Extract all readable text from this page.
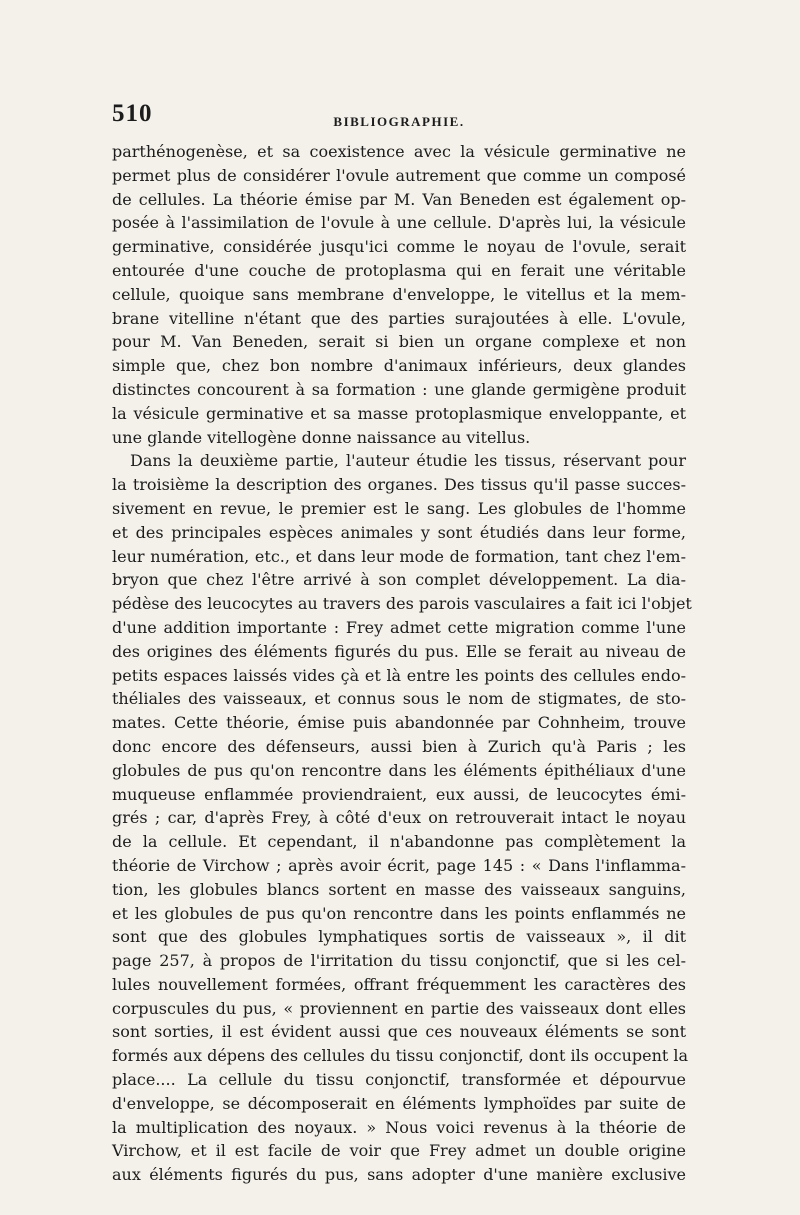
510	BIBLIOGRAPHIE.
parthénogenèse, et sa coexistence avec la vésicule germinative ne
permet plus de considérer l'ovule autrement que comme un composé
de cellules. La théorie émise par M. Van Beneden est également op-
posée à l'assimilation de l'ovule à une cellule. D'après lui, la vésicule
germinative, considérée jusqu'ici comme le noyau de l'ovule, serait
entourée d'une couche de protoplasma qui en ferait une véritable
cellule, quoique sans membrane d'enveloppe, le vitellus et la mem-
brane vitelline n'étant que des parties surajoutées à elle. L'ovule,
pour M. Van Beneden, serait si bien un organe complexe et non
simple que, chez bon nombre d'animaux inférieurs, deux glandes
distinctes concourent à sa formation : une glande germigène produit
la vésicule germinative et sa masse protoplasmique enveloppante, et
une glande vitellogène donne naissance au vitellus.
Dans la deuxième partie, l'auteur étudie les tissus, réservant pour
la troisième la description des organes. Des tissus qu'il passe succes-
sivement en revue, le premier est le sang. Les globules de l'homme
et des principales espèces animales y sont étudiés dans leur forme,
leur numération, etc., et dans leur mode de formation, tant chez l'em-
bryon que chez l'être arrivé à son complet développement. La dia-
pédèse des leucocytes au travers des parois vasculaires a fait ici l'objet
d'une addition importante : Frey admet cette migration comme l'une
des origines des éléments figurés du pus. Elle se ferait au niveau de
petits espaces laissés vides çà et là entre les points des cellules endo-
théliales des vaisseaux, et connus sous le nom de stigmates, de sto-
mates. Cette théorie, émise puis abandonnée par Cohnheim, trouve
donc encore des défenseurs, aussi bien à Zurich qu'à Paris ; les
globules de pus qu'on rencontre dans les éléments épithéliaux d'une
muqueuse enflammée proviendraient, eux aussi, de leucocytes émi-
grés ; car, d'après Frey, à côté d'eux on retrouverait intact le noyau
de la cellule. Et cependant, il n'abandonne pas complètement la
théorie de Virchow ; après avoir écrit, page 145 : « Dans l'inflamma-
tion, les globules blancs sortent en masse des vaisseaux sanguins,
et les globules de pus qu'on rencontre dans les points enflammés ne
sont que des globules lymphatiques sortis de vaisseaux », il dit
page 257, à propos de l'irritation du tissu conjonctif, que si les cel-
lules nouvellement formées, offrant fréquemment les caractères des
corpuscules du pus, « proviennent en partie des vaisseaux dont elles
sont sorties, il est évident aussi que ces nouveaux éléments se sont
formés aux dépens des cellules du tissu conjonctif, dont ils occupent la
place.... La cellule du tissu conjonctif, transformée et dépourvue
d'enveloppe, se décomposerait en éléments lymphoïdes par suite de
la multiplication des noyaux. » Nous voici revenus à la théorie de
Virchow, et il est facile de voir que Frey admet un double origine
aux éléments figurés du pus, sans adopter d'une manière exclusive
